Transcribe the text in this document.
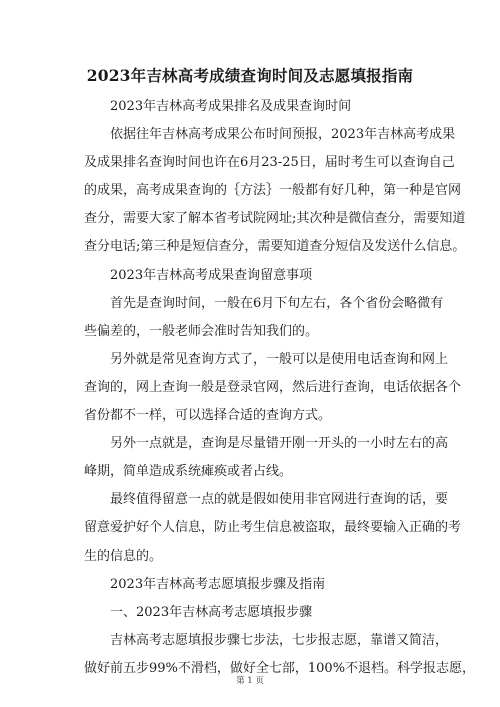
2023年吉林高考成绩查询时间及志愿填报指南

2023年吉林高考成果排名及成果查询时间

依据往年吉林高考成果公布时间预报，2023年吉林高考成果
及成果排名查询时间也许在6月23-25日，届时考生可以查询自己
的成果，高考成果查询的｛方法｝一般都有好几种，第一种是官网
查分，需要大家了解本省考试院网址;其次种是微信查分，需要知道
查分电话;第三种是短信查分，需要知道查分短信及发送什么信息。

2023年吉林高考成果查询留意事项

首先是查询时间，一般在6月下旬左右，各个省份会略微有
些偏差的，一般老师会准时告知我们的。

另外就是常见查询方式了，一般可以是使用电话查询和网上
查询的，网上查询一般是登录官网，然后进行查询，电话依据各个
省份都不一样，可以选择合适的查询方式。

另外一点就是，查询是尽量错开刚一开头的一小时左右的高
峰期，简单造成系统瘫痪或者占线。

最终值得留意一点的就是假如使用非官网进行查询的话，要
留意爱护好个人信息，防止考生信息被盗取，最终要输入正确的考
生的信息的。

2023年吉林高考志愿填报步骤及指南

一、2023年吉林高考志愿填报步骤

吉林高考志愿填报步骤七步法，七步报志愿，靠谱又简洁，
做好前五步99%不滑档，做好全七部，100%不退档。科学报志愿，

第 1 页
